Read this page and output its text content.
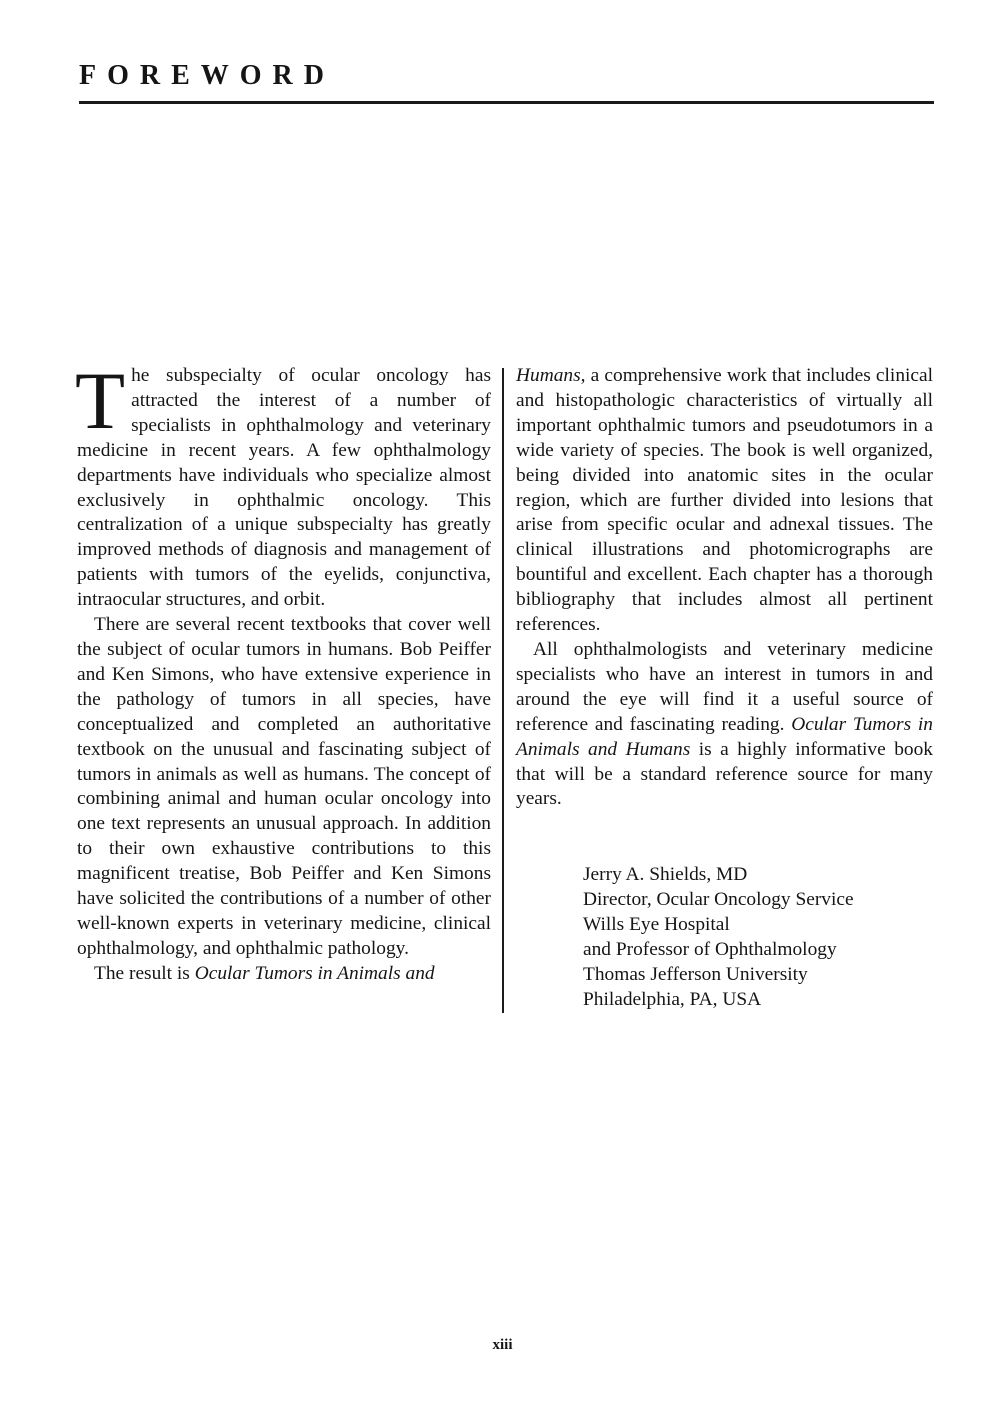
FOREWORD

The subspecialty of ocular oncology has attracted the interest of a number of specialists in ophthalmology and veterinary medicine in recent years. A few ophthalmology departments have individuals who specialize almost exclusively in ophthalmic oncology. This centralization of a unique subspecialty has greatly improved methods of diagnosis and management of patients with tumors of the eyelids, conjunctiva, intraocular structures, and orbit.

There are several recent textbooks that cover well the subject of ocular tumors in humans. Bob Peiffer and Ken Simons, who have extensive experience in the pathology of tumors in all species, have conceptualized and completed an authoritative textbook on the unusual and fascinating subject of tumors in animals as well as humans. The concept of combining animal and human ocular oncology into one text represents an unusual approach. In addition to their own exhaustive contributions to this magnificent treatise, Bob Peiffer and Ken Simons have solicited the contributions of a number of other well-known experts in veterinary medicine, clinical ophthalmology, and ophthalmic pathology.

The result is Ocular Tumors in Animals and

Humans, a comprehensive work that includes clinical and histopathologic characteristics of virtually all important ophthalmic tumors and pseudotumors in a wide variety of species. The book is well organized, being divided into anatomic sites in the ocular region, which are further divided into lesions that arise from specific ocular and adnexal tissues. The clinical illustrations and photomicrographs are bountiful and excellent. Each chapter has a thorough bibliography that includes almost all pertinent references.

All ophthalmologists and veterinary medicine specialists who have an interest in tumors in and around the eye will find it a useful source of reference and fascinating reading. Ocular Tumors in Animals and Humans is a highly informative book that will be a standard reference source for many years.

Jerry A. Shields, MD
Director, Ocular Oncology Service
Wills Eye Hospital
and Professor of Ophthalmology
Thomas Jefferson University
Philadelphia, PA, USA
xiii
